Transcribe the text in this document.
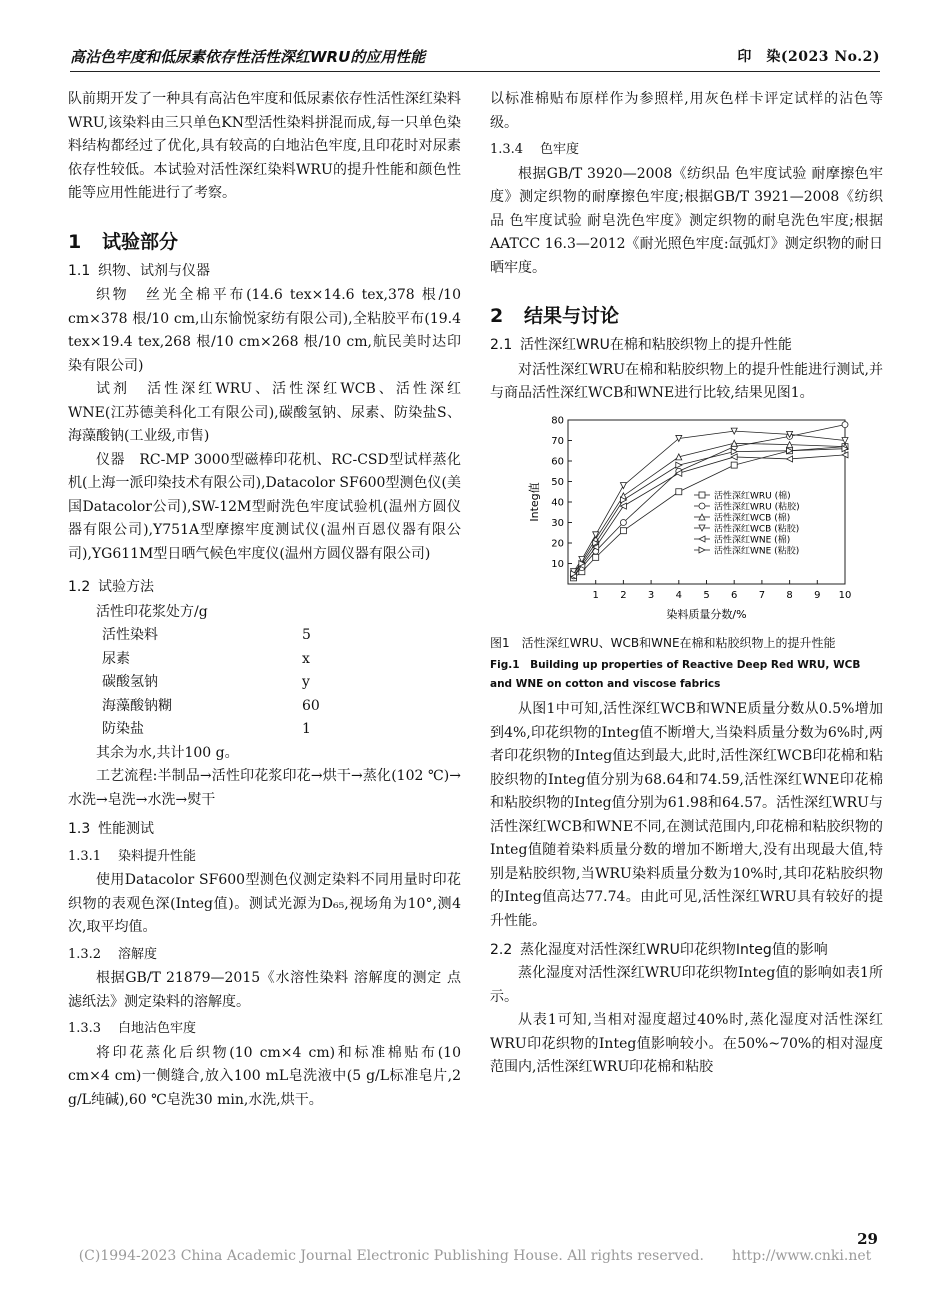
高沾色牢度和低尿素依存性活性深红WRU的应用性能	印　染(2023 No.2)

队前期开发了一种具有高沾色牢度和低尿素依存性活性深红染料WRU,该染料由三只单色KN型活性染料拼混而成,每一只单色染料结构都经过了优化,具有较高的白地沾色牢度,且印花时对尿素依存性较低。本试验对活性深红染料WRU的提升性能和颜色性能等应用性能进行了考察。

1 试验部分
1.1 织物、试剂与仪器

织物　丝光全棉平布(14.6 tex×14.6 tex,378 根/10 cm×378 根/10 cm,山东愉悦家纺有限公司),全粘胶平布(19.4 tex×19.4 tex,268 根/10 cm×268 根/10 cm,航民美时达印染有限公司)

试剂　活性深红WRU、活性深红WCB、活性深红WNE(江苏德美科化工有限公司),碳酸氢钠、尿素、防染盐S、海藻酸钠(工业级,市售)

仪器　RC-MP 3000型磁棒印花机、RC-CSD型试样蒸化机(上海一派印染技术有限公司),Datacolor SF600型测色仪(美国Datacolor公司),SW-12M型耐洗色牢度试验机(温州方圆仪器有限公司),Y751A型摩擦牢度测试仪(温州百恩仪器有限公司),YG611M型日晒气候色牢度仪(温州方圆仪器有限公司)

1.2 试验方法

活性印花浆处方/g

活性染料	5
尿素	x
碳酸氢钠	y
海藻酸钠糊	60
防染盐	1

其余为水,共计100 g。

工艺流程:半制品→活性印花浆印花→烘干→蒸化(102 ℃)→水洗→皂洗→水洗→熨干

1.3 性能测试
1.3.1 染料提升性能

使用Datacolor SF600型测色仪测定染料不同用量时印花织物的表观色深(Integ值)。测试光源为D₆₅,视场角为10°,测4次,取平均值。

1.3.2 溶解度

根据GB/T 21879—2015《水溶性染料 溶解度的测定 点滤纸法》测定染料的溶解度。

1.3.3 白地沾色牢度

将印花蒸化后织物(10 cm×4 cm)和标准棉贴布(10 cm×4 cm)一侧缝合,放入100 mL皂洗液中(5 g/L标准皂片,2 g/L纯碱),60 ℃皂洗30 min,水洗,烘干。

以标准棉贴布原样作为参照样,用灰色样卡评定试样的沾色等级。

1.3.4 色牢度

根据GB/T 3920—2008《纺织品 色牢度试验 耐摩擦色牢度》测定织物的耐摩擦色牢度;根据GB/T 3921—2008《纺织品 色牢度试验 耐皂洗色牢度》测定织物的耐皂洗色牢度;根据AATCC 16.3—2012《耐光照色牢度:氙弧灯》测定织物的耐日晒牢度。

2 结果与讨论
2.1 活性深红WRU在棉和粘胶织物上的提升性能

对活性深红WRU在棉和粘胶织物上的提升性能进行测试,并与商品活性深红WCB和WNE进行比较,结果见图1。

1 2 3 4 5 6 7 8 9 10
10
20
30
40
50
60
70
80
染料质量分数/%
Integ值	活性深红WRU (棉)
活性深红WRU (粘胶)
活性深红WCB (棉)
活性深红WCB (粘胶)
活性深红WNE (棉)
活性深红WNE (粘胶)
图1　活性深红WRU、WCB和WNE在棉和粘胶织物上的提升性能
Fig.1　Building up properties of Reactive Deep Red WRU, WCB and WNE on cotton and viscose fabrics

从图1中可知,活性深红WCB和WNE质量分数从0.5%增加到4%,印花织物的Integ值不断增大,当染料质量分数为6%时,两者印花织物的Integ值达到最大,此时,活性深红WCB印花棉和粘胶织物的Integ值分别为68.64和74.59,活性深红WNE印花棉和粘胶织物的Integ值分别为61.98和64.57。活性深红WRU与活性深红WCB和WNE不同,在测试范围内,印花棉和粘胶织物的Integ值随着染料质量分数的增加不断增大,没有出现最大值,特别是粘胶织物,当WRU染料质量分数为10%时,其印花粘胶织物的Integ值高达77.74。由此可见,活性深红WRU具有较好的提升性能。

2.2 蒸化湿度对活性深红WRU印花织物Integ值的影响

蒸化湿度对活性深红WRU印花织物Integ值的影响如表1所示。

从表1可知,当相对湿度超过40%时,蒸化湿度对活性深红WRU印花织物的Integ值影响较小。在50%~70%的相对湿度范围内,活性深红WRU印花棉和粘胶

29
(C)1994-2023 China Academic Journal Electronic Publishing House. All rights reserved.　　http://www.cnki.net
